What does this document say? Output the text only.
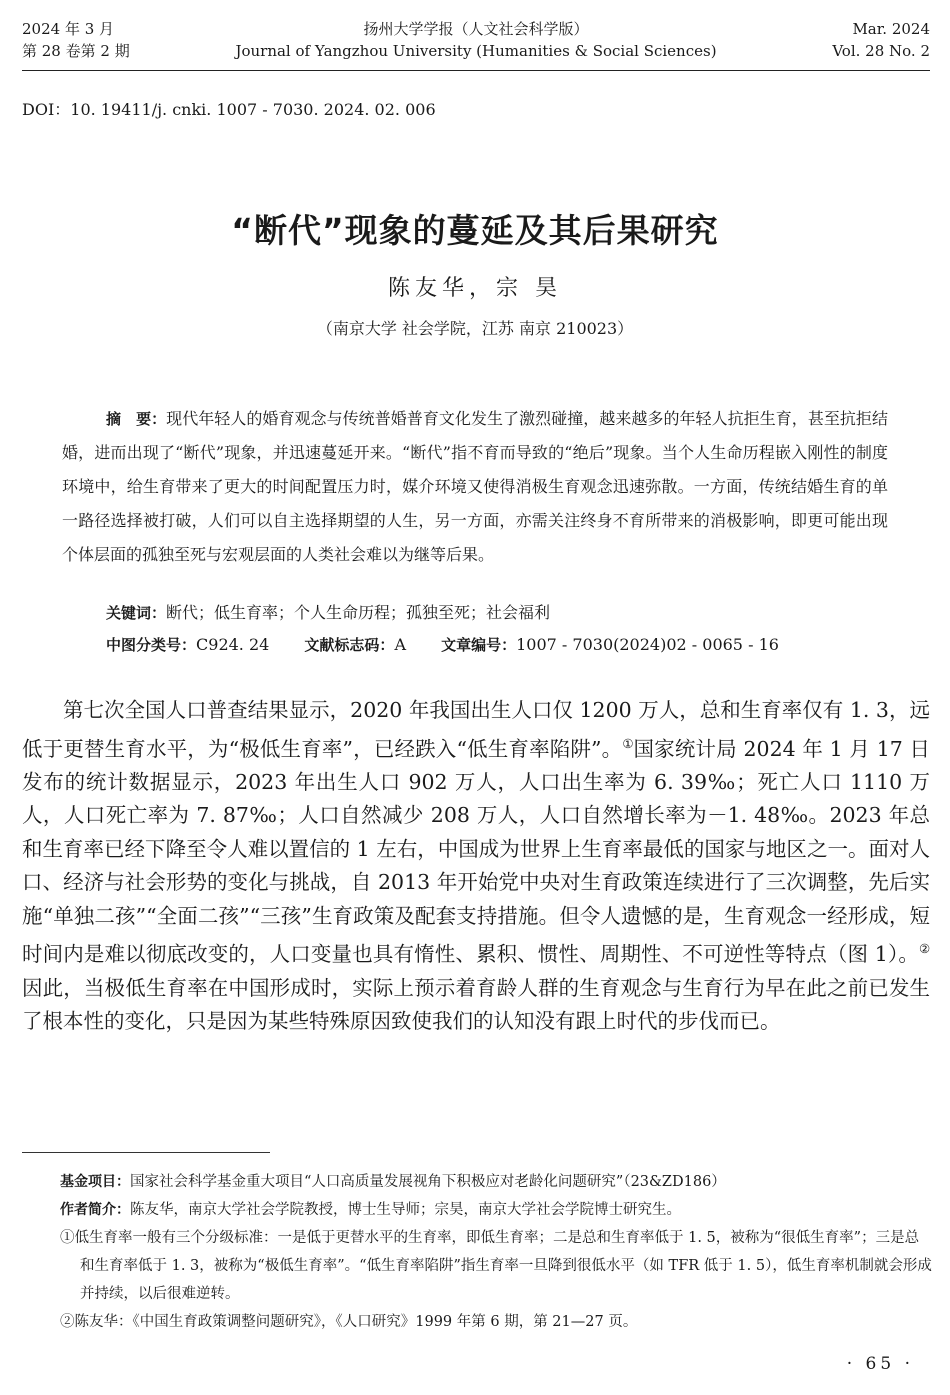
2024 年 3 月
第 28 卷第 2 期
扬州大学学报（人文社会科学版）
Journal of Yangzhou University (Humanities & Social Sciences)
Mar. 2024
Vol. 28 No. 2
DOI：10. 19411/j. cnki. 1007 - 7030. 2024. 02. 006
“断代”现象的蔓延及其后果研究
陈友华，宗 昊
（南京大学 社会学院，江苏 南京 210023）
摘　要：现代年轻人的婚育观念与传统普婚普育文化发生了激烈碰撞，越来越多的年轻人抗拒生育，甚至抗拒结婚，进而出现了“断代”现象，并迅速蔓延开来。“断代”指不育而导致的“绝后”现象。当个人生命历程嵌入刚性的制度环境中，给生育带来了更大的时间配置压力时，媒介环境又使得消极生育观念迅速弥散。一方面，传统结婚生育的单一路径选择被打破，人们可以自主选择期望的人生，另一方面，亦需关注终身不育所带来的消极影响，即更可能出现个体层面的孤独至死与宏观层面的人类社会难以为继等后果。
关键词：断代；低生育率；个人生命历程；孤独至死；社会福利
中图分类号：C924. 24 文献标志码：A 文章编号：1007 - 7030(2024)02 - 0065 - 16

第七次全国人口普查结果显示，2020 年我国出生人口仅 1200 万人，总和生育率仅有 1. 3，远低于更替生育水平，为“极低生育率”，已经跌入“低生育率陷阱”。①国家统计局 2024 年 1 月 17 日发布的统计数据显示，2023 年出生人口 902 万人，人口出生率为 6. 39‰；死亡人口 1110 万人，人口死亡率为 7. 87‰；人口自然减少 208 万人，人口自然增长率为－1. 48‰。2023 年总和生育率已经下降至令人难以置信的 1 左右，中国成为世界上生育率最低的国家与地区之一。面对人口、经济与社会形势的变化与挑战，自 2013 年开始党中央对生育政策连续进行了三次调整，先后实施“单独二孩”“全面二孩”“三孩”生育政策及配套支持措施。但令人遗憾的是，生育观念一经形成，短时间内是难以彻底改变的，人口变量也具有惰性、累积、惯性、周期性、不可逆性等特点（图 1）。②因此，当极低生育率在中国形成时，实际上预示着育龄人群的生育观念与生育行为早在此之前已发生了根本性的变化，只是因为某些特殊原因致使我们的认知没有跟上时代的步伐而已。

基金项目：国家社会科学基金重大项目“人口高质量发展视角下积极应对老龄化问题研究”（23&ZD186）

作者简介：陈友华，南京大学社会学院教授，博士生导师；宗昊，南京大学社会学院博士研究生。

①低生育率一般有三个分级标准：一是低于更替水平的生育率，即低生育率；二是总和生育率低于 1. 5，被称为“很低生育率”；三是总和生育率低于 1. 3，被称为“极低生育率”。“低生育率陷阱”指生育率一旦降到很低水平（如 TFR 低于 1. 5），低生育率机制就会形成并持续，以后很难逆转。

②陈友华：《中国生育政策调整问题研究》，《人口研究》1999 年第 6 期，第 21—27 页。

· 65 ·
